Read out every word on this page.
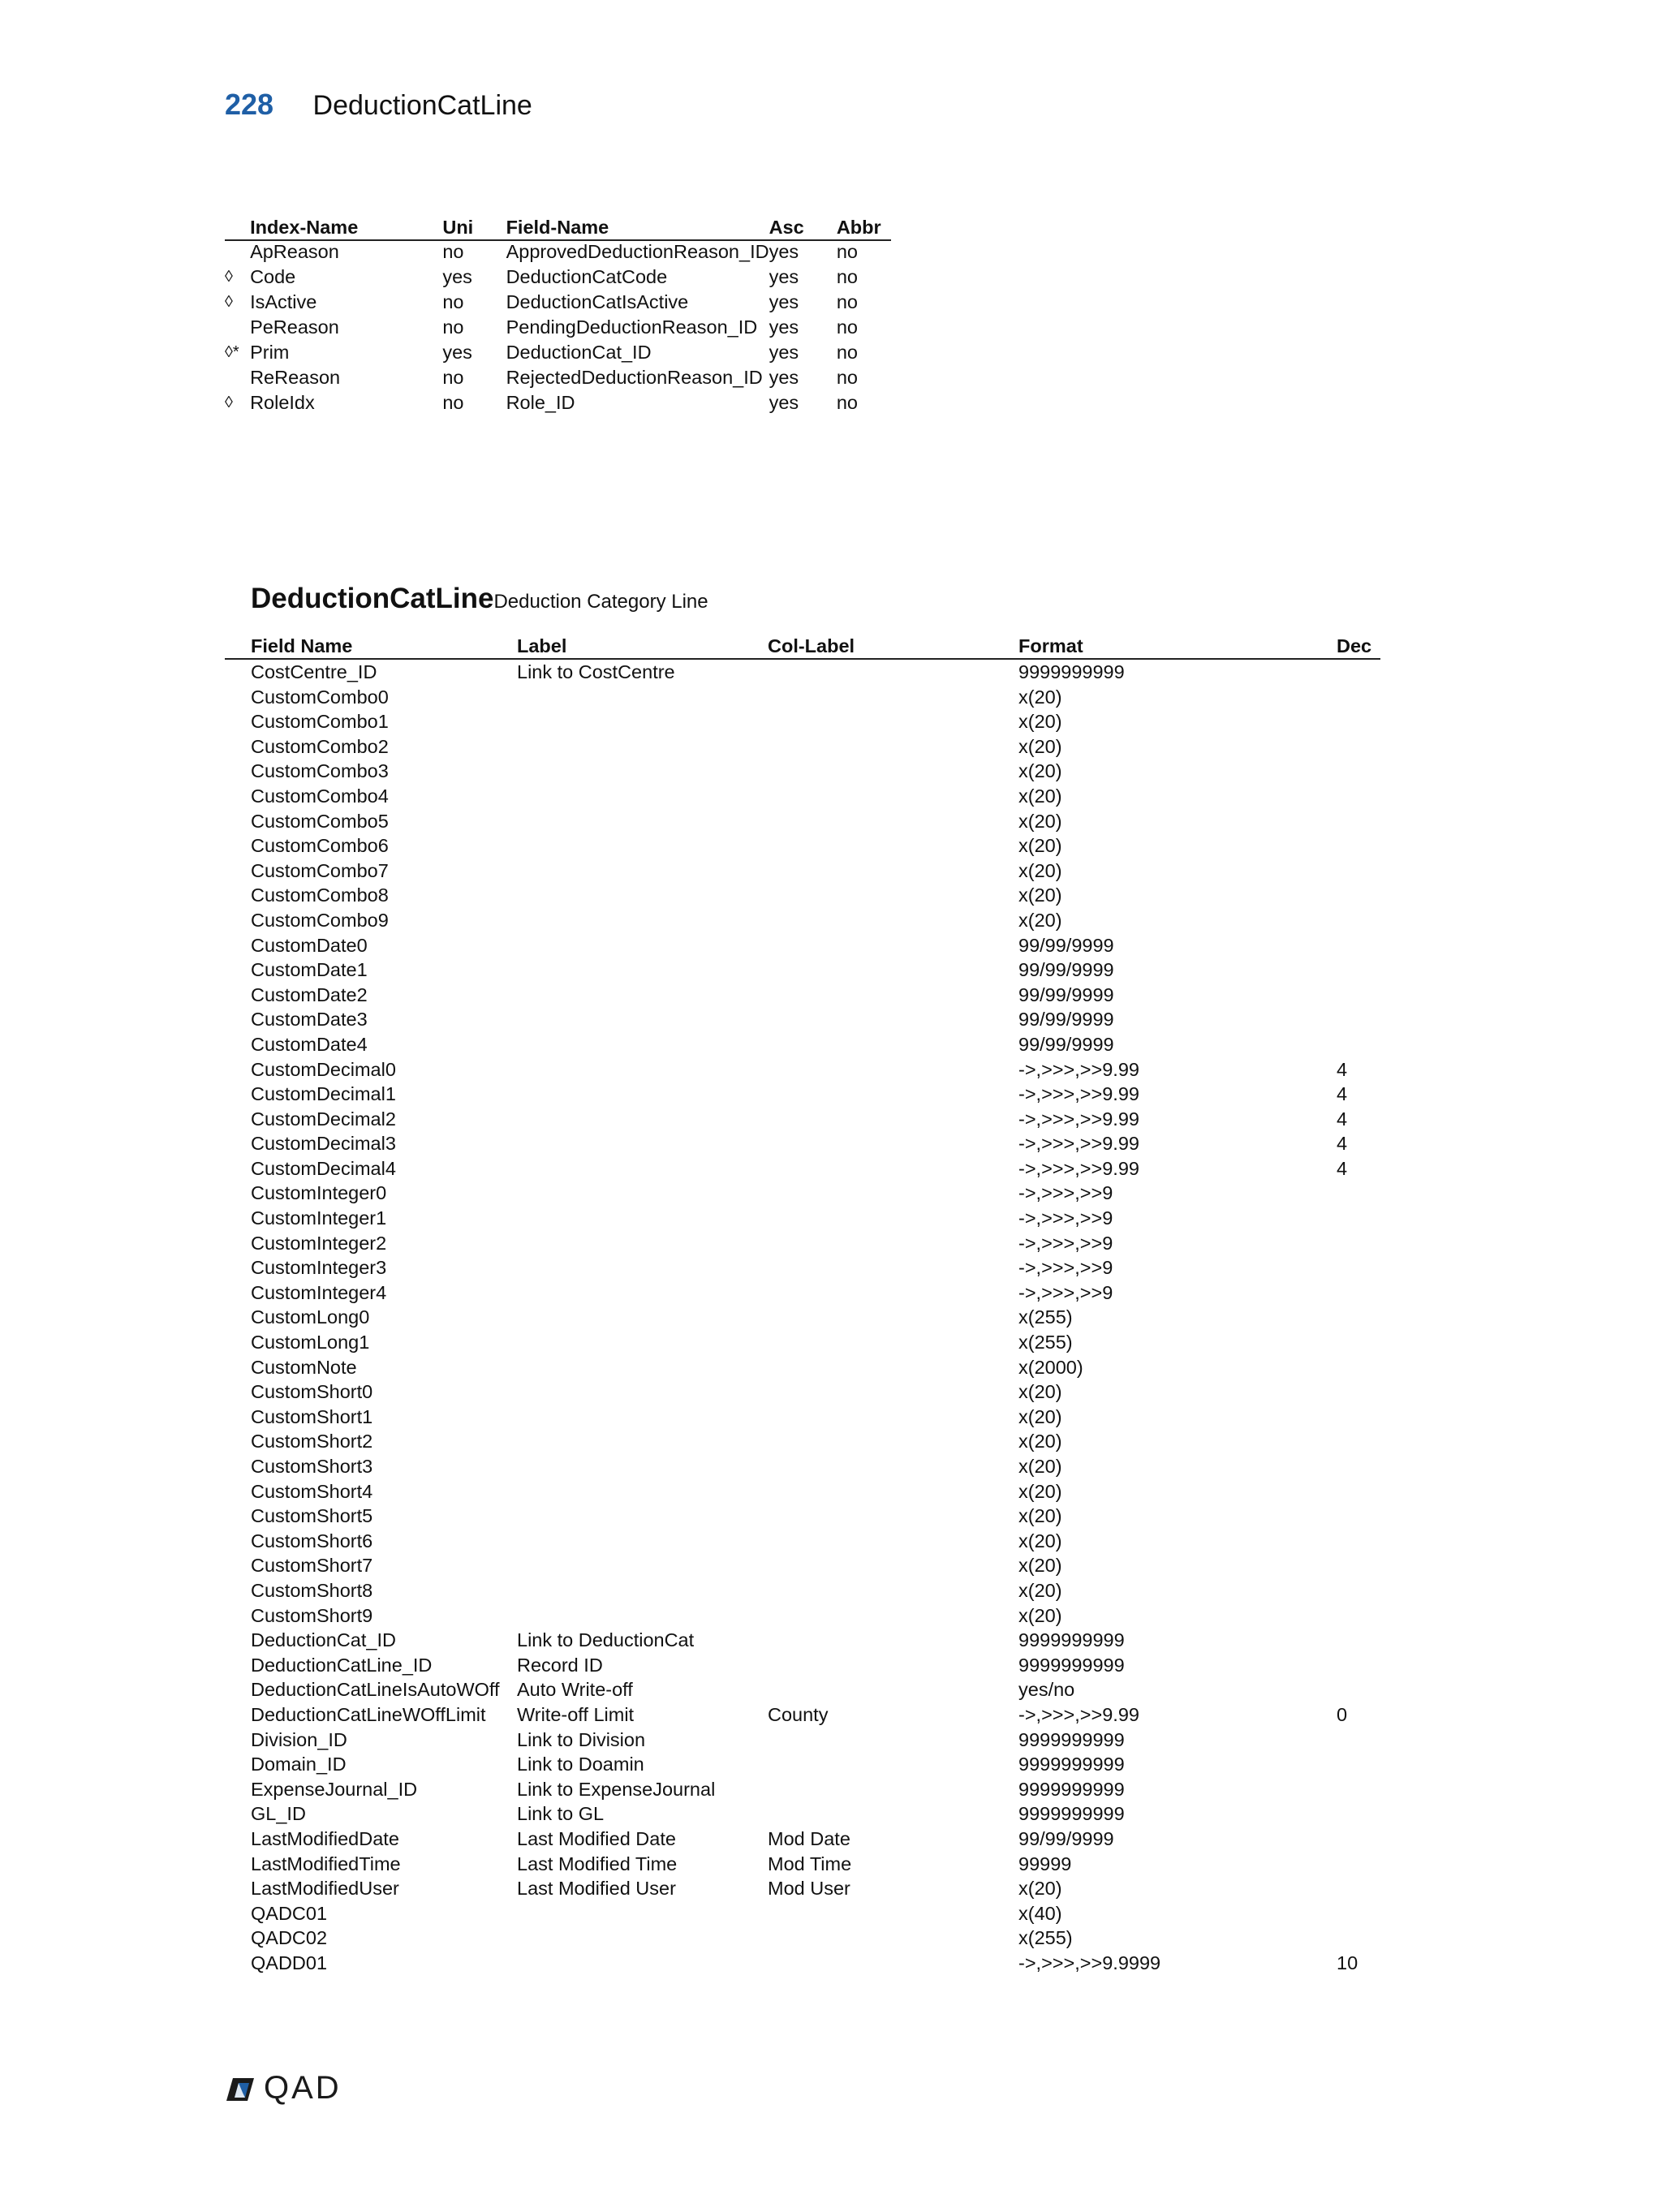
228 DeductionCatLine
	Index-Name	Uni	Field-Name	Asc	Abbr
	ApReason	no	ApprovedDeductionReason_ID	yes	no
◊	Code	yes	DeductionCatCode	yes	no
◊	IsActive	no	DeductionCatIsActive	yes	no
	PeReason	no	PendingDeductionReason_ID	yes	no
◊*	Prim	yes	DeductionCat_ID	yes	no
	ReReason	no	RejectedDeductionReason_ID	yes	no
◊	RoleIdx	no	Role_ID	yes	no
DeductionCatLineDeduction Category Line
	Field Name	Label	Col-Label	Format	Dec
	CostCentre_ID	Link to CostCentre		9999999999	
	CustomCombo0			x(20)	
	CustomCombo1			x(20)	
	CustomCombo2			x(20)	
	CustomCombo3			x(20)	
	CustomCombo4			x(20)	
	CustomCombo5			x(20)	
	CustomCombo6			x(20)	
	CustomCombo7			x(20)	
	CustomCombo8			x(20)	
	CustomCombo9			x(20)	
	CustomDate0			99/99/9999	
	CustomDate1			99/99/9999	
	CustomDate2			99/99/9999	
	CustomDate3			99/99/9999	
	CustomDate4			99/99/9999	
	CustomDecimal0			->,>>>,>>9.99	4
	CustomDecimal1			->,>>>,>>9.99	4
	CustomDecimal2			->,>>>,>>9.99	4
	CustomDecimal3			->,>>>,>>9.99	4
	CustomDecimal4			->,>>>,>>9.99	4
	CustomInteger0			->,>>>,>>9	
	CustomInteger1			->,>>>,>>9	
	CustomInteger2			->,>>>,>>9	
	CustomInteger3			->,>>>,>>9	
	CustomInteger4			->,>>>,>>9	
	CustomLong0			x(255)	
	CustomLong1			x(255)	
	CustomNote			x(2000)	
	CustomShort0			x(20)	
	CustomShort1			x(20)	
	CustomShort2			x(20)	
	CustomShort3			x(20)	
	CustomShort4			x(20)	
	CustomShort5			x(20)	
	CustomShort6			x(20)	
	CustomShort7			x(20)	
	CustomShort8			x(20)	
	CustomShort9			x(20)	
	DeductionCat_ID	Link to DeductionCat		9999999999	
	DeductionCatLine_ID	Record ID		9999999999	
	DeductionCatLineIsAutoWOff	Auto Write-off		yes/no	
	DeductionCatLineWOffLimit	Write-off Limit	County	->,>>>,>>9.99	0
	Division_ID	Link to Division		9999999999	
	Domain_ID	Link to Doamin		9999999999	
	ExpenseJournal_ID	Link to ExpenseJournal		9999999999	
	GL_ID	Link to GL		9999999999	
	LastModifiedDate	Last Modified Date	Mod Date	99/99/9999	
	LastModifiedTime	Last Modified Time	Mod Time	99999	
	LastModifiedUser	Last Modified User	Mod User	x(20)	
	QADC01			x(40)	
	QADC02			x(255)	
	QADD01			->,>>>,>>9.9999	10
QAD
